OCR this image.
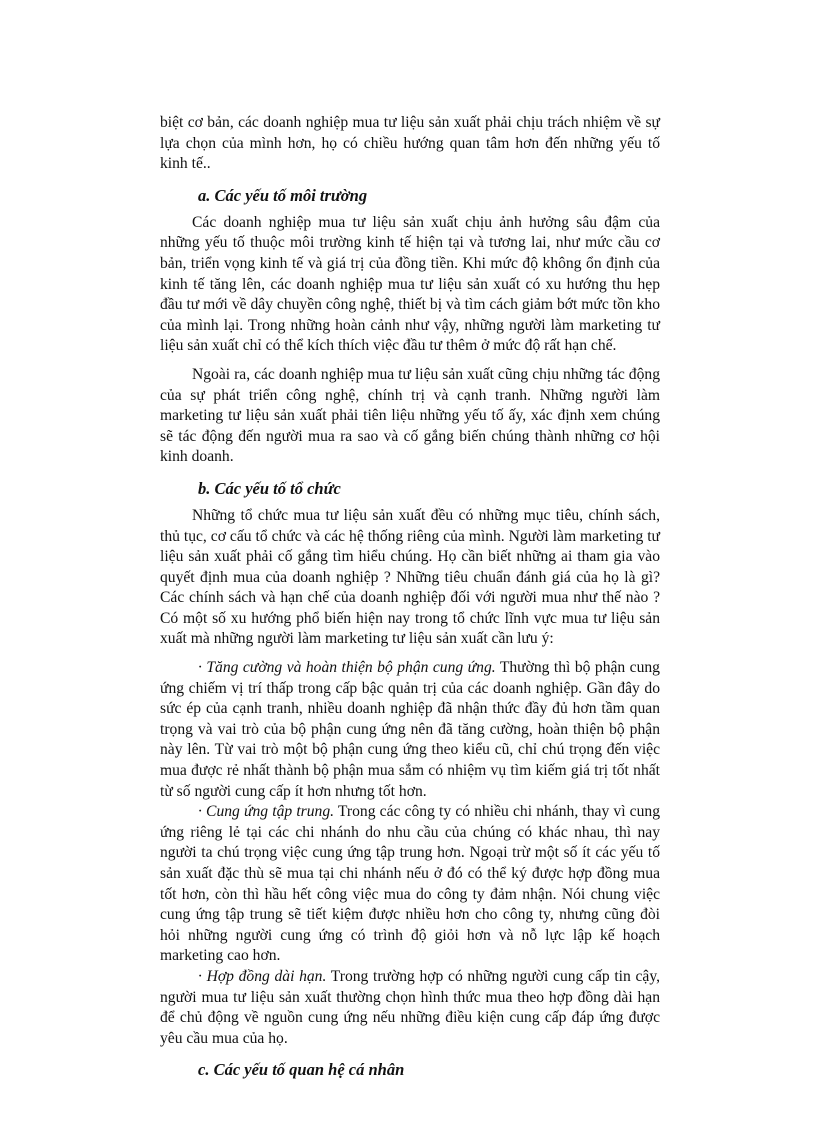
biệt cơ bản, các doanh nghiệp mua tư liệu sản xuất phải chịu trách nhiệm về sự lựa chọn của mình hơn, họ có chiều hướng quan tâm hơn đến những yếu tố kinh tế..

a. Các yếu tố môi trường

Các doanh nghiệp mua tư liệu sản xuất chịu ảnh hưởng sâu đậm của những yếu tố thuộc môi trường kinh tế hiện tại và tương lai, như mức cầu cơ bản, triển vọng kinh tế và giá trị của đồng tiền. Khi mức độ không ổn định của kinh tế tăng lên, các doanh nghiệp mua tư liệu sản xuất có xu hướng thu hẹp đầu tư mới về dây chuyền công nghệ, thiết bị và tìm cách giảm bớt mức tồn kho của mình lại. Trong những hoàn cảnh như vậy, những người làm marketing tư liệu sản xuất chỉ có thể kích thích việc đầu tư thêm ở mức độ rất hạn chế.

Ngoài ra, các doanh nghiệp mua tư liệu sản xuất cũng chịu những tác động của sự phát triển công nghệ, chính trị và cạnh tranh. Những người làm marketing tư liệu sản xuất phải tiên liệu những yếu tố ấy, xác định xem chúng sẽ tác động đến người mua ra sao và cố gắng biến chúng thành những cơ hội kinh doanh.

b. Các yếu tố tổ chức

Những tổ chức mua tư liệu sản xuất đều có những mục tiêu, chính sách, thủ tục, cơ cấu tổ chức và các hệ thống riêng của mình. Người làm marketing tư liệu sản xuất phải cố gắng tìm hiểu chúng. Họ cần biết những ai tham gia vào quyết định mua của doanh nghiệp ? Những tiêu chuẩn đánh giá của họ là gì? Các chính sách và hạn chế của doanh nghiệp đối với người mua như thế nào ? Có một số xu hướng phổ biến hiện nay trong tổ chức lĩnh vực mua tư liệu sản xuất mà những người làm marketing tư liệu sản xuất cần lưu ý:

· Tăng cường và hoàn thiện bộ phận cung ứng. Thường thì bộ phận cung ứng chiếm vị trí thấp trong cấp bậc quản trị của các doanh nghiệp. Gần đây do sức ép của cạnh tranh, nhiều doanh nghiệp đã nhận thức đầy đủ hơn tầm quan trọng và vai trò của bộ phận cung ứng nên đã tăng cường, hoàn thiện bộ phận này lên. Từ vai trò một bộ phận cung ứng theo kiểu cũ, chỉ chú trọng đến việc mua được rẻ nhất thành bộ phận mua sắm có nhiệm vụ tìm kiếm giá trị tốt nhất từ số người cung cấp ít hơn nhưng tốt hơn.

· Cung ứng tập trung. Trong các công ty có nhiều chi nhánh, thay vì cung ứng riêng lẻ tại các chi nhánh do nhu cầu của chúng có khác nhau, thì nay người ta chú trọng việc cung ứng tập trung hơn. Ngoại trừ một số ít các yếu tố sản xuất đặc thù sẽ mua tại chi nhánh nếu ở đó có thể ký được hợp đồng mua tốt hơn, còn thì hầu hết công việc mua do công ty đảm nhận. Nói chung việc cung ứng tập trung sẽ tiết kiệm được nhiều hơn cho công ty, nhưng cũng đòi hỏi những người cung ứng có trình độ giỏi hơn và nỗ lực lập kế hoạch marketing cao hơn.

· Hợp đồng dài hạn. Trong trường hợp có những người cung cấp tin cậy, người mua tư liệu sản xuất thường chọn hình thức mua theo hợp đồng dài hạn để chủ động về nguồn cung ứng nếu những điều kiện cung cấp đáp ứng được yêu cầu mua của họ.

c. Các yếu tố quan hệ cá nhân
